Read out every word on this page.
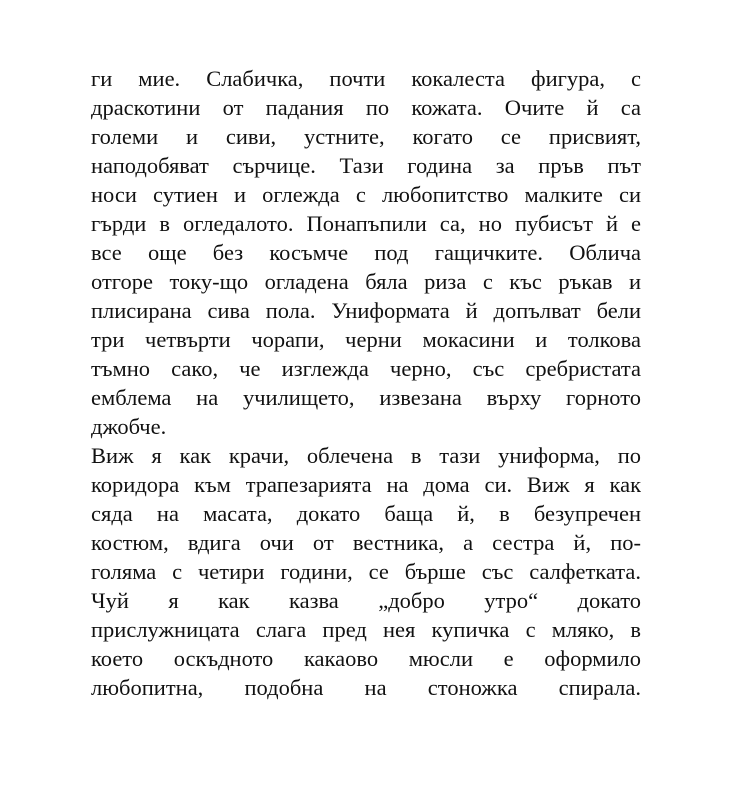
ги мие. Слабичка, почти кокалеста фигура, с
драскотини от падания по кожата. Очите й са
големи и сиви, устните, когато се присвият,
наподобяват сърчице. Тази година за пръв път
носи сутиен и оглежда с любопитство малките си
гърди в огледалото. Понапъпили са, но пубисът й е
все още без косъмче под гащичките. Облича
отгоре току-що огладена бяла риза с къс ръкав и
плисирана сива пола. Униформата й допълват бели
три четвърти чорапи, черни мокасини и толкова
тъмно сако, че изглежда черно, със сребристата
емблема на училището, извезана върху горното
джобче.
Виж я как крачи, облечена в тази униформа, по
коридора към трапезарията на дома си. Виж я как
сяда на масата, докато баща й, в безупречен
костюм, вдига очи от вестника, а сестра й, по-
голяма с четири години, се бърше със салфетката.
Чуй я как казва „добро утро“ докато
прислужницата слага пред нея купичка с мляко, в
което оскъдното какаово мюсли е оформило
любопитна, подобна на стоножка спирала.
